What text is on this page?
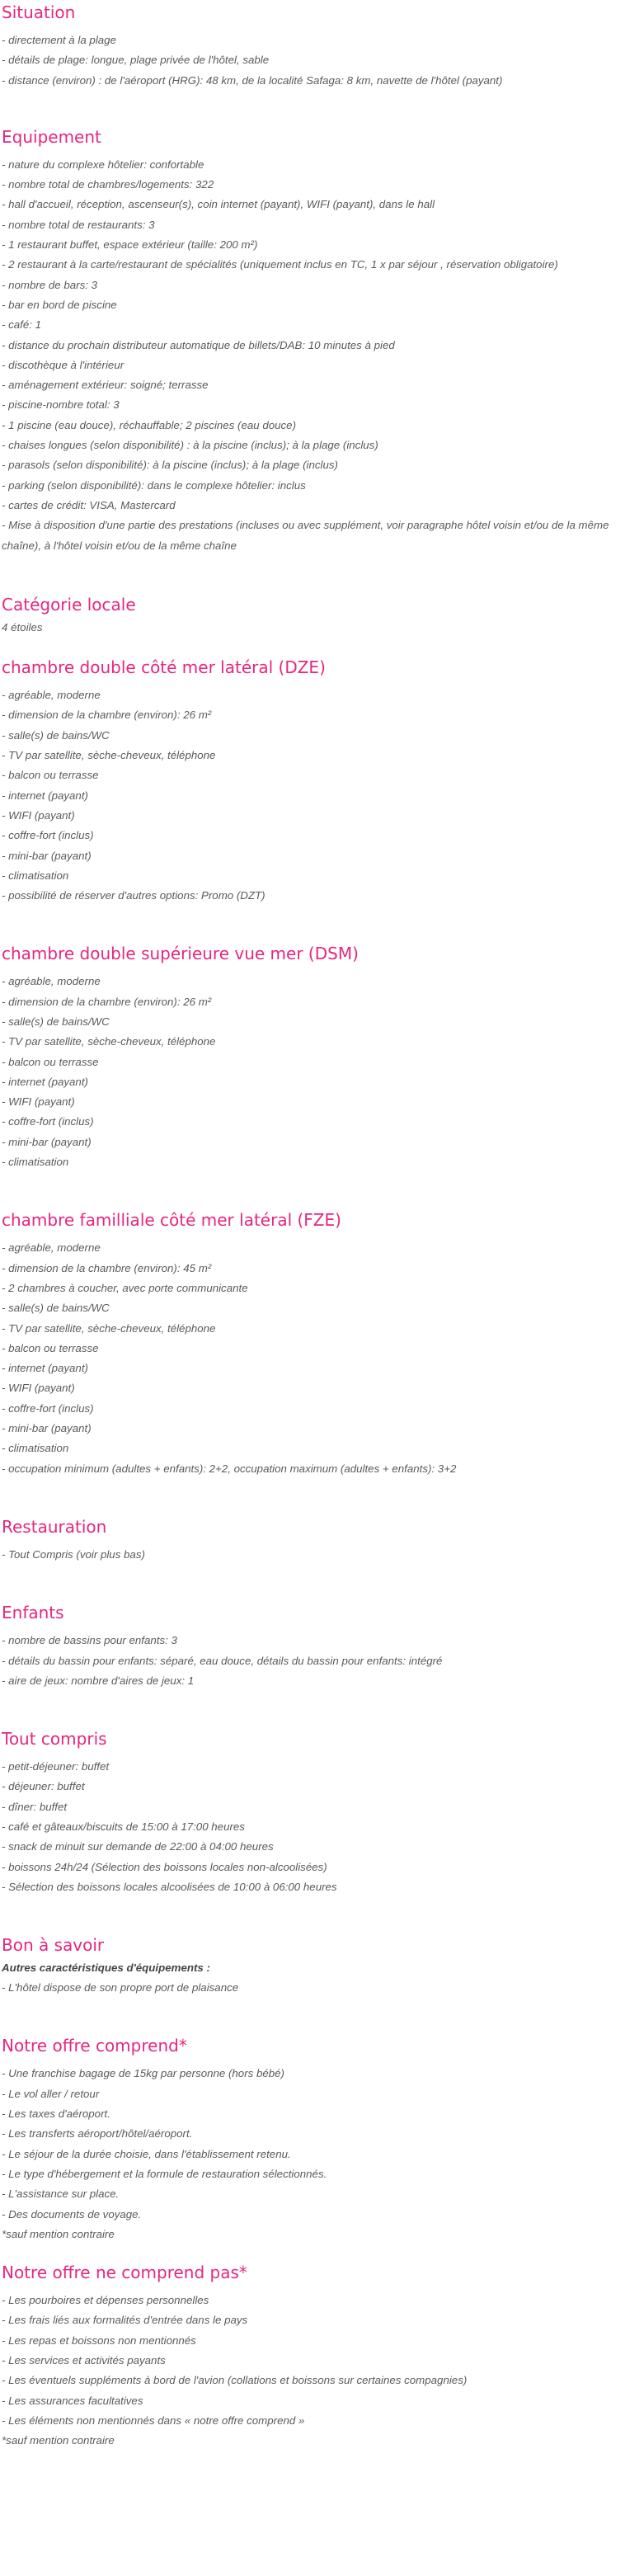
Situation
- directement à la plage
- détails de plage: longue, plage privée de l'hôtel, sable
- distance (environ) : de l'aéroport (HRG): 48 km, de la localité Safaga: 8 km, navette de l'hôtel (payant)
Equipement
- nature du complexe hôtelier: confortable
- nombre total de chambres/logements: 322
- hall d'accueil, réception, ascenseur(s), coin internet (payant), WIFI (payant), dans le hall
- nombre total de restaurants: 3
- 1 restaurant buffet, espace extérieur (taille: 200 m²)
- 2 restaurant à la carte/restaurant de spécialités (uniquement inclus en TC, 1 x par séjour , réservation obligatoire)
- nombre de bars: 3
- bar en bord de piscine
- café: 1
- distance du prochain distributeur automatique de billets/DAB: 10 minutes à pied
- discothèque à l'intérieur
- aménagement extérieur: soigné; terrasse
- piscine-nombre total: 3
- 1 piscine (eau douce), réchauffable; 2 piscines (eau douce)
- chaises longues (selon disponibilité) : à la piscine (inclus); à la plage (inclus)
- parasols (selon disponibilité): à la piscine (inclus); à la plage (inclus)
- parking (selon disponibilité): dans le complexe hôtelier: inclus
- cartes de crédit: VISA, Mastercard
- Mise à disposition d'une partie des prestations (incluses ou avec supplément, voir paragraphe hôtel voisin et/ou de la même chaîne), à l'hôtel voisin et/ou de la même chaîne
Catégorie locale
4 étoiles
chambre double côté mer latéral (DZE)
- agréable, moderne
- dimension de la chambre (environ): 26 m²
- salle(s) de bains/WC
- TV par satellite, sèche-cheveux, téléphone
- balcon ou terrasse
- internet (payant)
- WIFI (payant)
- coffre-fort (inclus)
- mini-bar (payant)
- climatisation
- possibilité de réserver d'autres options: Promo (DZT)
chambre double supérieure vue mer (DSM)
- agréable, moderne
- dimension de la chambre (environ): 26 m²
- salle(s) de bains/WC
- TV par satellite, sèche-cheveux, téléphone
- balcon ou terrasse
- internet (payant)
- WIFI (payant)
- coffre-fort (inclus)
- mini-bar (payant)
- climatisation
chambre familliale côté mer latéral (FZE)
- agréable, moderne
- dimension de la chambre (environ): 45 m²
- 2 chambres à coucher, avec porte communicante
- salle(s) de bains/WC
- TV par satellite, sèche-cheveux, téléphone
- balcon ou terrasse
- internet (payant)
- WIFI (payant)
- coffre-fort (inclus)
- mini-bar (payant)
- climatisation
- occupation minimum (adultes + enfants): 2+2, occupation maximum (adultes + enfants): 3+2
Restauration
- Tout Compris (voir plus bas)
Enfants
- nombre de bassins pour enfants: 3
- détails du bassin pour enfants: séparé, eau douce, détails du bassin pour enfants: intégré
- aire de jeux: nombre d'aires de jeux: 1
Tout compris
- petit-déjeuner: buffet
- déjeuner: buffet
- dîner: buffet
- café et gâteaux/biscuits de 15:00 à 17:00 heures
- snack de minuit sur demande de 22:00 à 04:00 heures
- boissons 24h/24 (Sélection des boissons locales non-alcoolisées)
- Sélection des boissons locales alcoolisées de 10:00 à 06:00 heures
Bon à savoir
Autres caractéristiques d'équipements :
- L'hôtel dispose de son propre port de plaisance
Notre offre comprend*
- Une franchise bagage de 15kg par personne (hors bébé)
- Le vol aller / retour
- Les taxes d'aéroport.
- Les transferts aéroport/hôtel/aéroport.
- Le séjour de la durée choisie, dans l'établissement retenu.
- Le type d'hébergement et la formule de restauration sélectionnés.
- L'assistance sur place.
- Des documents de voyage.
*sauf mention contraire
Notre offre ne comprend pas*
- Les pourboires et dépenses personnelles
- Les frais liés aux formalités d'entrée dans le pays
- Les repas et boissons non mentionnés
- Les services et activités payants
- Les éventuels suppléments à bord de l'avion (collations et boissons sur certaines compagnies)
- Les assurances facultatives
- Les éléments non mentionnés dans « notre offre comprend »
*sauf mention contraire
